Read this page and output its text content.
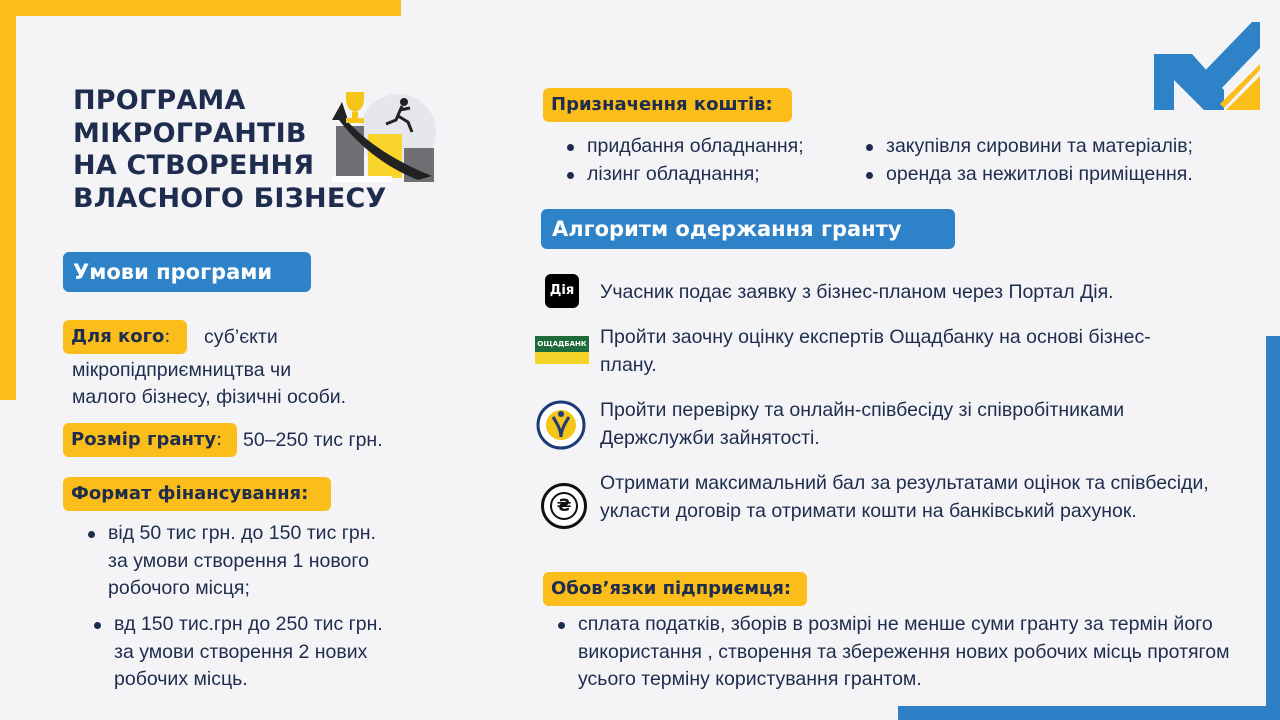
ПРОГРАМА
МІКРОГРАНТІВ
НА СТВОРЕННЯ
ВЛАСНОГО БІЗНЕСУ
Умови програми
Для кого:	суб’єкти
мікропідприємництва чи
малого бізнесу, фізичні особи.
Розмір гранту:	50–250 тис грн.
Формат фінансування:
від 50 тис грн. до 150 тис грн.
за умови створення 1 нового
робочого місця;
вд 150 тис.грн до 250 тис грн.
за умови створення 2 нових
робочих місць.
Призначення коштів:
придбання обладнання;
лізинг обладнання;
закупівля сировини та матеріалів;
оренда за нежитлові приміщення.
Алгоритм одержання гранту
Дія Учасник подає заявку з бізнес-планом через Портал Дія.
ОЩАДБАНК Пройти заочну оцінку експертів Ощадбанку на основі бізнес-плану.
Пройти перевірку та онлайн-співбесіду зі співробітниками Держслужби зайнятості.
₴
Отримати максимальний бал за результатами оцінок та співбесіди, укласти договір та отримати кошти на банківський рахунок.
Обов’язки підприємця:
сплата податків, зборів в розмірі не менше суми гранту за термін його використання , створення та збереження нових робочих місць протягом усього терміну користування грантом.
